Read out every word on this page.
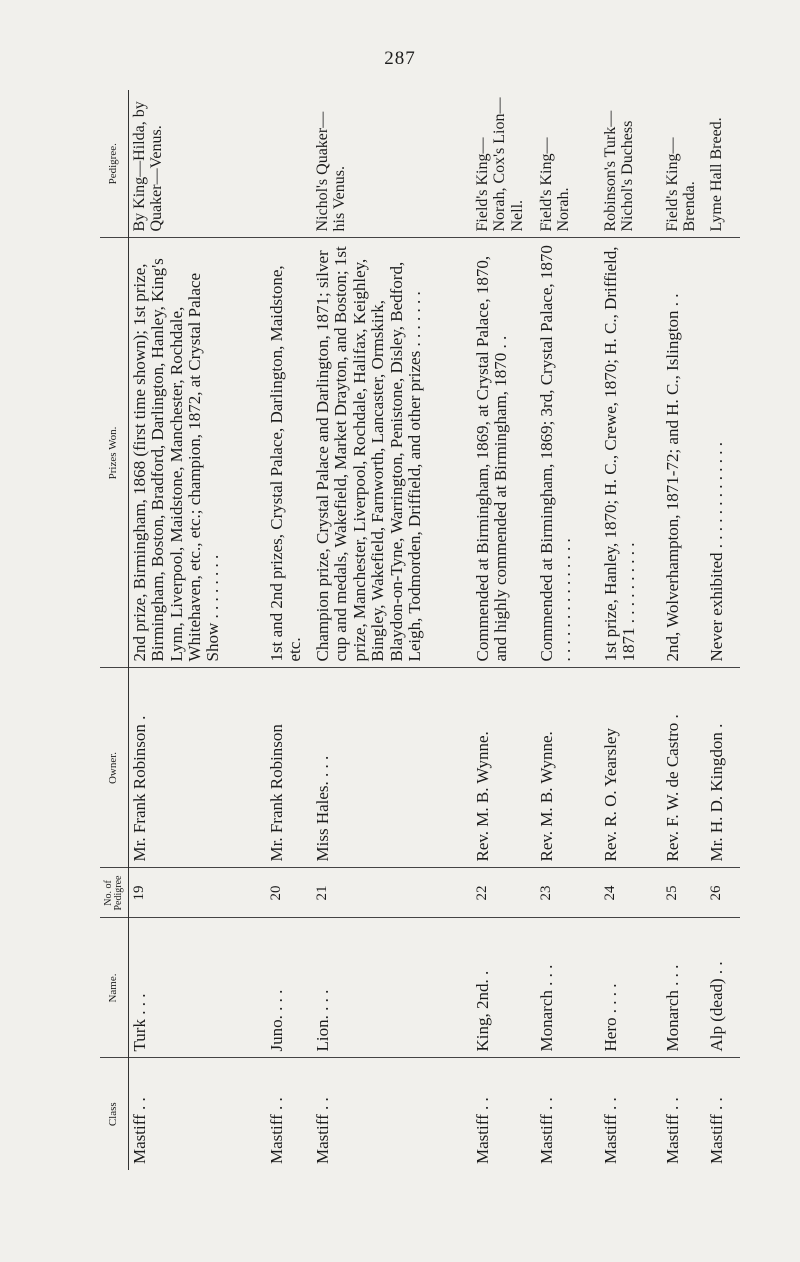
287
Class	Name.	No. of Pedigree	Owner.	Prizes Won.	Pedigree.
Mastiff . .	Turk . . .	19	Mr. Frank Robinson .	2nd prize, Birmingham, 1868 (first time shown); 1st prize, Birmingham, Boston, Bradford, Darlington, Hanley, King's Lynn, Liverpool, Maidstone, Manchester, Rochdale, Whitehaven, etc., etc.; champion, 1872, at Crystal Palace Show . . . . . . . .	By King—Hilda, by Quaker—Venus.
Mastiff . .	Juno. . . .	20	Mr. Frank Robinson	1st and 2nd prizes, Crystal Palace, Darlington, Maidstone, etc.	
Mastiff . .	Lion. . . .	21	Miss Hales. . . .	Champion prize, Crystal Palace and Darlington, 1871; silver cup and medals, Wakefield, Market Drayton, and Boston; 1st prize, Manchester, Liverpool, Rochdale, Halifax, Keighley, Bingley, Wakefield, Farnworth, Lancaster, Ormskirk, Blaydon-on-Tyne, Warrington, Penistone, Disley, Bedford, Leigh, Todmorden, Driffield, and other prizes . . . . . . .	Nichol's Quaker—his Venus.
Mastiff . .	King, 2nd. .	22	Rev. M. B. Wynne.	Commended at Birmingham, 1869, at Crystal Palace, 1870, and highly commended at Birmingham, 1870 . .	Field's King—Norah, Cox's Lion—Nell.
Mastiff . .	Monarch . . .	23	Rev. M. B. Wynne.	Commended at Birmingham, 1869; 3rd, Crystal Palace, 1870 . . . . . . . . . . . . . . .	Field's King—Norah.
Mastiff . .	Hero . . . .	24	Rev. R. O. Yearsley	1st prize, Hanley, 1870; H. C., Crewe, 1870; H. C., Driffield, 1871 . . . . . . . . . .	Robinson's Turk—Nichol's Duchess
Mastiff . .	Monarch . . .	25	Rev. F. W. de Castro .	2nd, Wolverhampton, 1871-72; and H. C., Islington . .	Field's King—Brenda.
Mastiff . .	Alp (dead) . .	26	Mr. H. D. Kingdon .	Never exhibited . . . . . . . . . . . . .	Lyme Hall Breed.
